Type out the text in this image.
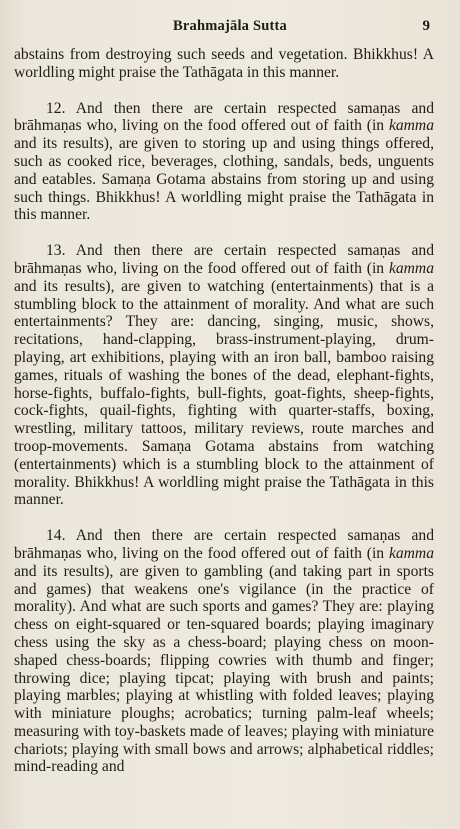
Brahmajāla Sutta	9

abstains from destroying such seeds and vegetation. Bhikkhus! A worldling might praise the Tathāgata in this manner.

12. And then there are certain respected samaṇas and brāhmaṇas who, living on the food offered out of faith (in kamma and its results), are given to storing up and using things offered, such as cooked rice, beverages, clothing, sandals, beds, unguents and eatables. Samaṇa Gotama abstains from storing up and using such things. Bhikkhus! A worldling might praise the Tathāgata in this manner.

13. And then there are certain respected samaṇas and brāhmaṇas who, living on the food offered out of faith (in kamma and its results), are given to watching (entertainments) that is a stumbling block to the attainment of morality. And what are such entertainments? They are: dancing, singing, music, shows, recitations, hand-clapping, brass-instrument-playing, drum-playing, art exhibitions, playing with an iron ball, bamboo raising games, rituals of washing the bones of the dead, elephant-fights, horse-fights, buffalo-fights, bull-fights, goat-fights, sheep-fights, cock-fights, quail-fights, fighting with quarter-staffs, boxing, wrestling, military tattoos, military reviews, route marches and troop-movements. Samaṇa Gotama abstains from watching (entertainments) which is a stumbling block to the attainment of morality. Bhikkhus! A worldling might praise the Tathāgata in this manner.

14. And then there are certain respected samaṇas and brāhmaṇas who, living on the food offered out of faith (in kamma and its results), are given to gambling (and taking part in sports and games) that weakens one's vigilance (in the practice of morality). And what are such sports and games? They are: playing chess on eight-squared or ten-squared boards; playing imaginary chess using the sky as a chess-board; playing chess on moon-shaped chess-boards; flipping cowries with thumb and finger; throwing dice; playing tipcat; playing with brush and paints; playing marbles; playing at whistling with folded leaves; playing with miniature ploughs; acrobatics; turning palm-leaf wheels; measuring with toy-baskets made of leaves; playing with miniature chariots; playing with small bows and arrows; alphabetical riddles; mind-reading and
